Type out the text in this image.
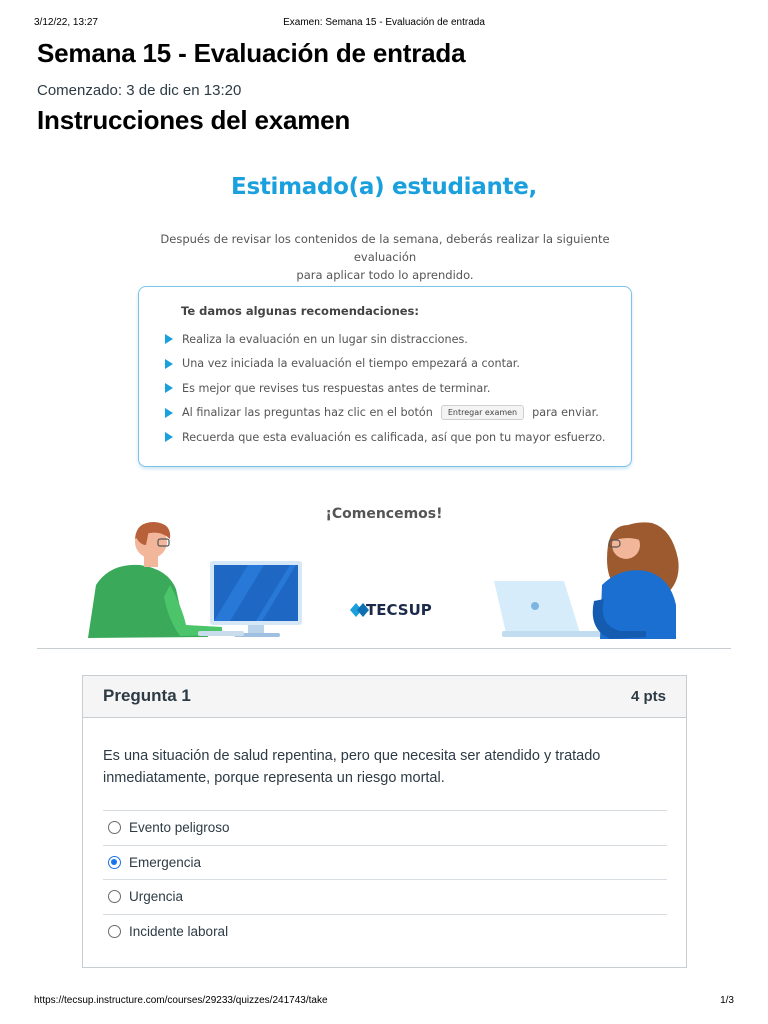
3/12/22, 13:27	Examen: Semana 15 - Evaluación de entrada
Semana 15 - Evaluación de entrada
Comenzado: 3 de dic en 13:20
Instrucciones del examen
Estimado(a) estudiante,
Después de revisar los contenidos de la semana, deberás realizar la siguiente evaluación
para aplicar todo lo aprendido.
Te damos algunas recomendaciones:
Realiza la evaluación en un lugar sin distracciones.
Una vez iniciada la evaluación el tiempo empezará a contar.
Es mejor que revises tus respuestas antes de terminar.
Al finalizar las preguntas haz clic en el botón	Entregar examen	para enviar.
Recuerda que esta evaluación es calificada, así que pon tu mayor esfuerzo.
¡Comencemos!
TECSUP
Pregunta 1	4 pts
Es una situación de salud repentina, pero que necesita ser atendido y tratado inmediatamente, porque representa un riesgo mortal.
Evento peligroso
Emergencia
Urgencia
Incidente laboral
https://tecsup.instructure.com/courses/29233/quizzes/241743/take	1/3
